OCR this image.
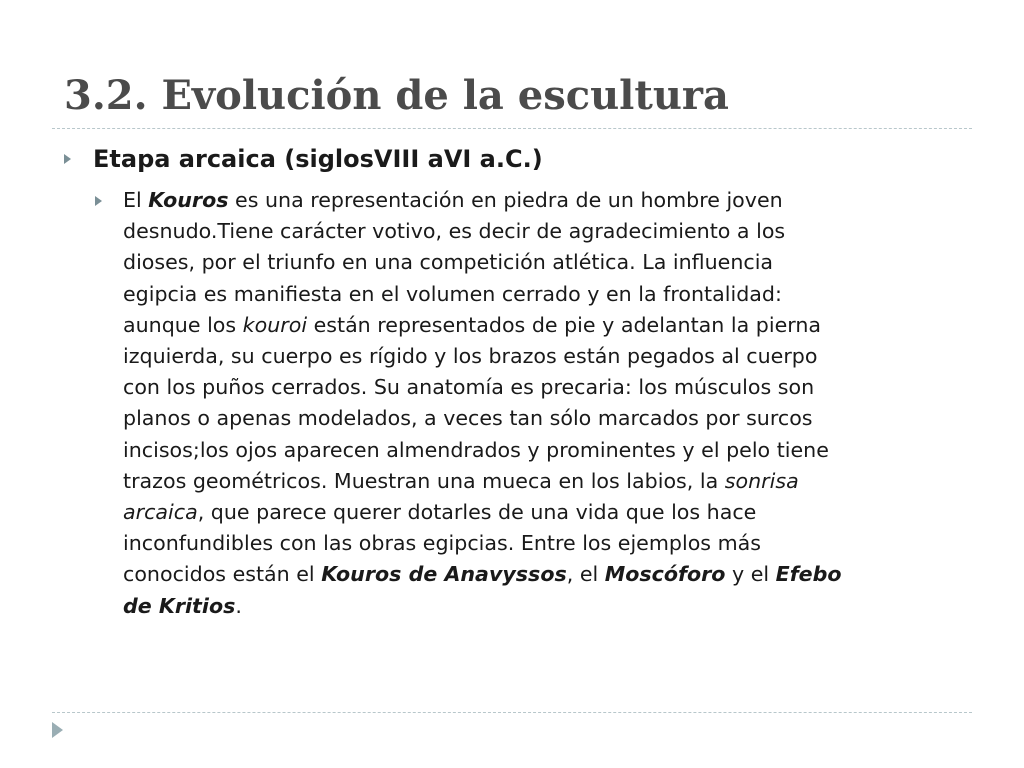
3.2. Evolución de la escultura
Etapa arcaica (siglosVIII aVI a.C.)

El Kouros es una representación en piedra de un hombre joven
desnudo.Tiene carácter votivo, es decir de agradecimiento a los
dioses, por el triunfo en una competición atlética. La influencia
egipcia es manifiesta en el volumen cerrado y en la frontalidad:
aunque los kouroi están representados de pie y adelantan la pierna
izquierda, su cuerpo es rígido y los brazos están pegados al cuerpo
con los puños cerrados. Su anatomía es precaria: los músculos son
planos o apenas modelados, a veces tan sólo marcados por surcos
incisos;los ojos aparecen almendrados y prominentes y el pelo tiene
trazos geométricos. Muestran una mueca en los labios, la sonrisa
arcaica, que parece querer dotarles de una vida que los hace
inconfundibles con las obras egipcias. Entre los ejemplos más
conocidos están el Kouros de Anavyssos, el Moscóforo y el Efebo
de Kritios.
